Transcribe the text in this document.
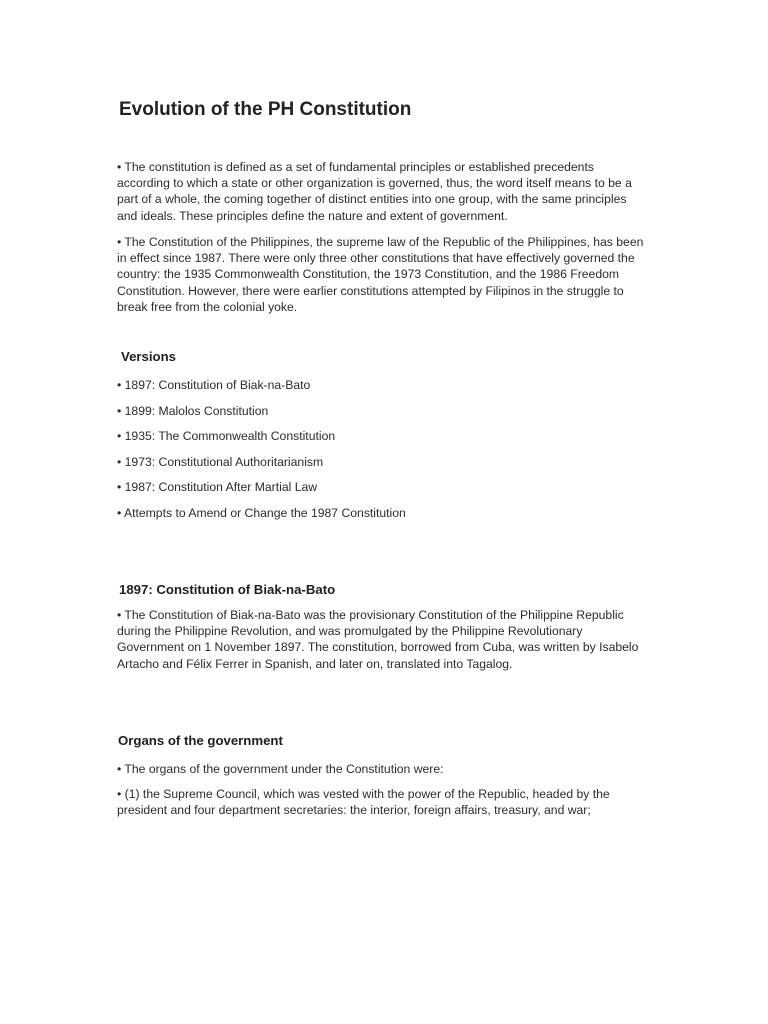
Evolution of the PH Constitution

• The constitution is defined as a set of fundamental principles or established precedents according to which a state or other organization is governed, thus, the word itself means to be a part of a whole, the coming together of distinct entities into one group, with the same principles and ideals. These principles define the nature and extent of government.

• The Constitution of the Philippines, the supreme law of the Republic of the Philippines, has been in effect since 1987. There were only three other constitutions that have effectively governed the country: the 1935 Commonwealth Constitution, the 1973 Constitution, and the 1986 Freedom Constitution. However, there were earlier constitutions attempted by Filipinos in the struggle to break free from the colonial yoke.

Versions
• 1897: Constitution of Biak-na-Bato
• 1899: Malolos Constitution
• 1935: The Commonwealth Constitution
• 1973: Constitutional Authoritarianism
• 1987: Constitution After Martial Law
• Attempts to Amend or Change the 1987 Constitution
1897: Constitution of Biak-na-Bato

• The Constitution of Biak-na-Bato was the provisionary Constitution of the Philippine Republic during the Philippine Revolution, and was promulgated by the Philippine Revolutionary Government on 1 November 1897. The constitution, borrowed from Cuba, was written by Isabelo Artacho and Félix Ferrer in Spanish, and later on, translated into Tagalog.

Organs of the government

• The organs of the government under the Constitution were:

• (1) the Supreme Council, which was vested with the power of the Republic, headed by the president and four department secretaries: the interior, foreign affairs, treasury, and war;
